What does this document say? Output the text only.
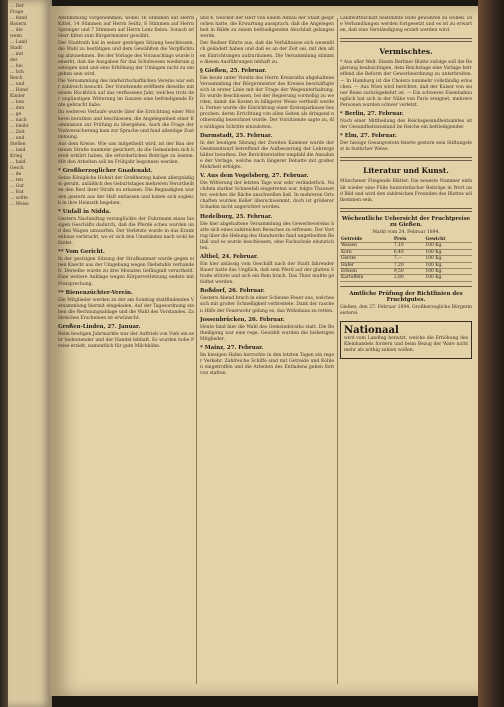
… Der
Frage
… feind
Bauern
… die
wenn
… Land
Stadt
… mit
der
… bei
… lich
Reich
… und
… Hand
Kinder
… ben
… den
… ge
… nach
… bleibt
… Zeit
… und
Stellen
… land
Krieg
… bald
Gesch
… de
… ten
… Gut
… Rat
… sollte
… Weise

Abstimmung vorgenommen, wobei 16 Stimmen auf Herrn Kittel, 14 Stimmen auf Herrn Seiltz, 8 Stimmen auf Herrn Sprenger und 7 Stimmen auf Herrn Lenz fielen. Sonach ist Herr Kittel zum Bürgermeister gewählt.

Der Stadtrath hat in seiner gestrigen Sitzung beschlossen, die Wahl zu bestätigen und dem Gewählten die Verpflichtung abzunehmen. Bei der Vorlage des Voranschlags wurde bemerkt, daß die Ausgaben für das Schulwesen wiederum gestiegen sind und eine Erhöhung der Umlagen nicht zu umgehen sein wird.

Die Versammlung des landwirtschaftlichen Vereins war sehr zahlreich besucht. Der Vorsitzende eröffnete dieselbe mit einem Rückblick auf das verflossene Jahr, welches trotz der ungünstigen Witterung im Ganzen eine befriedigende Ernte gebracht habe.

Im weiteren Verlaufe wurde über die Errichtung einer Molkerei berathen und beschlossen, die Angelegenheit einer Kommission zur Prüfung zu übergeben. Auch die Frage der Viehversicherung kam zur Sprache und fand allseitige Zustimmung.

Aus dem Kreise. Wie uns mitgetheilt wird, ist der Bau der neuen Straße nunmehr gesichert, da die Gemeinden sich bereit erklärt haben, die erforderlichen Beiträge zu leisten. Mit den Arbeiten soll im Frühjahr begonnen werden.

* Großherzoglicher Gnadenakt.

Seine Königliche Hoheit der Großherzog haben allergnädigst geruht, anläßlich des Geburtstages mehreren Verurtheilten den Rest ihrer Strafe zu erlassen. Die Begnadigten wurden gestern aus der Haft entlassen und haben sich sogleich in ihre Heimath begeben.

* Unfall in Nidda.

Gestern Nachmittag verunglückte der Fuhrmann eines hiesigen Geschäfts dadurch, daß die Pferde scheu wurden und den Wagen umwarfen. Der Verletzte wurde in das Krankenhaus verbracht, wo er sich den Umständen nach wohl befindet.

** Vom Gericht.

In der gestrigen Sitzung der Strafkammer wurde gegen einen Knecht aus der Umgebung wegen Diebstahls verhandelt. Derselbe wurde zu drei Monaten Gefängniß verurtheilt. Eine weitere Anklage wegen Körperverletzung endete mit Freisprechung.

** Bienenzüchter-Verein.

Die Mitglieder werden zu der am Sonntag stattfindenden Versammlung hiermit eingeladen. Auf der Tagesordnung stehen die Rechnungsablage und die Wahl des Vorstandes. Zahlreiches Erscheinen ist erwünscht.

Großen-Linden, 27. Januar.

Beim heutigen Jahrmarkte war der Auftrieb von Vieh ein sehr bedeutender und der Handel lebhaft. Es wurden hohe Preise erzielt, namentlich für gute Milchkühe.

und 4. welcher der Herr von einem Anbau der Stadt gesprochen hatte, die Erwartung aussprach, daß die Angelegenheit in Bälde zu einem befriedigenden Abschluß gelangen werde.

Der Redner führte aus, daß die Verhältnisse sich wesentlich geändert haben und daß es an der Zeit sei, mit den alten Einrichtungen aufzuräumen. Die Versammlung stimmte diesen Ausführungen lebhaft zu.

§ Gießen, 25. Februar.

Die heute unter Vorsitz des Herrn Kreisraths abgehaltene Versammlung der Bürgermeister des Kreises beschäftigte sich in erster Linie mit der Frage der Wegeunterhaltung. Es wurde beschlossen, bei der Regierung vorstellig zu werden, damit die Kosten in billigerer Weise vertheilt werden. Ferner wurde die Einrichtung einer Kreissparkasse besprochen, deren Errichtung von allen Seiten als dringend nothwendig bezeichnet wurde. Der Vorsitzende sagte zu, die nöthigen Schritte einzuleiten.

Darmstadt, 25. Februar.

In der heutigen Sitzung der Zweiten Kammer wurde der Gesetzentwurf betreffend die Aufbesserung der Lehrergehälter berathen. Der Berichterstatter empfahl die Annahme der Vorlage, welche nach längerer Debatte mit großer Mehrheit erfolgte.

V. Aus dem Vogelsberg, 27. Februar.

Die Witterung der letzten Tage war sehr veränderlich. Nachdem starker Schneefall eingetreten war, folgte Thauwetter, welches die Bäche anschwellen ließ. In mehreren Ortschaften wurden Keller überschwemmt, doch ist größerer Schaden nicht angerichtet worden.

Hedelburg, 25. Februar.

Die hier abgehaltene Versammlung des Gewerbevereins hatte sich eines zahlreichen Besuches zu erfreuen. Der Vortrag über die Hebung des Handwerks fand ungetheilten Beifall und es wurde beschlossen, eine Fachschule einzurichten.

Altbel, 24. Februar.

Ein hier anlässig vom Geschäft nach der Stadt fahrender Bauer hatte das Unglück, daß sein Pferd auf der glatten Straße stürzte und sich ein Bein brach. Das Thier mußte getödtet werden.

Roßdorf, 26. Februar.

Gestern Abend brach in einer Scheune Feuer aus, welches sich mit großer Schnelligkeit verbreitete. Dank der raschen Hilfe der Feuerwehr gelang es, das Wohnhaus zu retten.

Jossenbrücken, 26. Februar.

Heute fand hier die Wahl des Gemeinderaths statt. Die Betheiligung war eine rege. Gewählt wurden die bisherigen Mitglieder.

* Mainz, 27. Februar.

Im hiesigen Hafen herrschte in den letzten Tagen ein reger Verkehr. Zahlreiche Schiffe sind mit Getreide und Kohlen eingetroffen und die Arbeiten des Entladens gehen flott von statten.

Landwirthschaft bestimmte Hilfe gewähren zu wollen. Die Verhandlungen werden fortgesetzt und es ist zu erwarten, daß eine Verständigung erzielt werden wird.

Vermischtes.

* Aus aller Welt. Einem Berliner Blatte zufolge soll die Regierung beabsichtigen, dem Reichstage eine Vorlage betreffend die Reform der Gewerbeordnung zu unterbreiten. — In Hamburg ist die Cholera nunmehr vollständig erloschen. — Aus Wien wird berichtet, daß der Kaiser von seiner Reise zurückgekehrt ist. — Ein schweres Eisenbahnunglück hat sich in der Nähe von Paris ereignet; mehrere Personen wurden schwer verletzt.

* Berlin, 27. Februar.

Nach einer Mittheilung des Reichsgesundheitsamtes ist der Gesundheitszustand im Reiche ein befriedigender.

* Elm, 27. Februar.

Der hiesige Gesangverein feierte gestern sein Stiftungsfest in festlicher Weise.

Literatur und Kunst.

Münchener Fliegende Blätter. Die neueste Nummer enthält wieder eine Fülle humoristischer Beiträge in Wort und Bild und wird den zahlreichen Freunden des Blattes willkommen sein.

Wöchentliche Uebersicht der Fruchtpreise zu Gießen.
Markt vom 24. Februar 1894.
Getreide	Preis	Gewicht
Weizen	7,10	100 Kg.
Korn	6,40	100 Kg.
Gerste	7,—	100 Kg.
Hafer	7,20	100 Kg.
Erbsen	9,50	100 Kg.
Kartoffeln	2,80	100 Kg.
Amtliche Prüfung der Richtlinien des Fruchtgutes.

Gießen, den 27. Februar 1894. Großherzogliche Bürgermeisterei.

Nationaal

wird vom Landtag benutzt, welche die Erhöhung des Kleinhandels fordern und beim Bezug der Ware nicht mehr als nöthig zahlen wollen.
